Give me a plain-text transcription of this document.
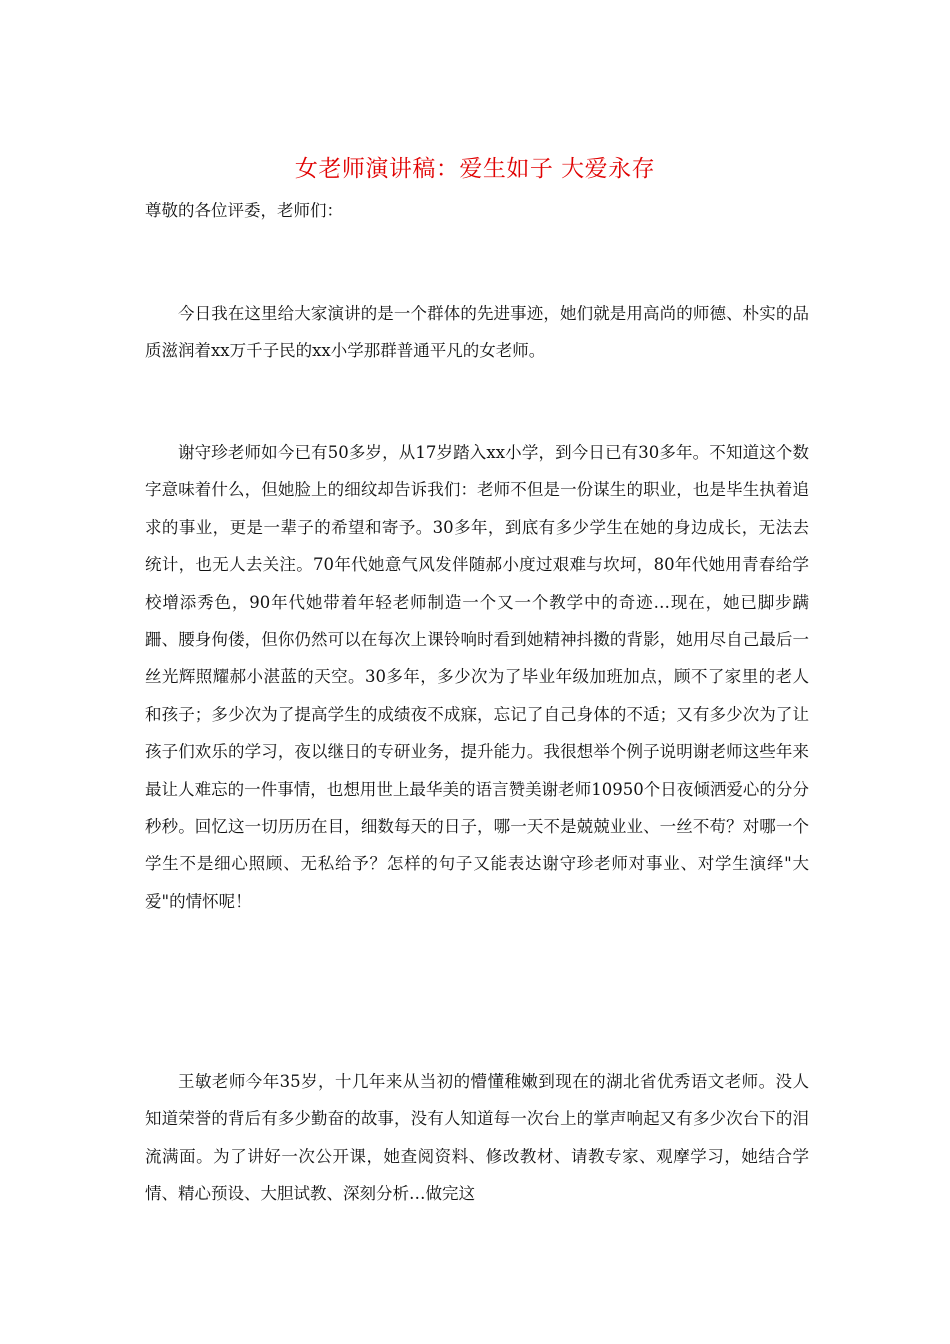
女老师演讲稿：爱生如子 大爱永存

尊敬的各位评委，老师们：

今日我在这里给大家演讲的是一个群体的先进事迹，她们就是用高尚的师德、朴实的品质滋润着xx万千子民的xx小学那群普通平凡的女老师。

谢守珍老师如今已有50多岁，从17岁踏入xx小学，到今日已有30多年。不知道这个数字意味着什么，但她脸上的细纹却告诉我们：老师不但是一份谋生的职业，也是毕生执着追求的事业，更是一辈子的希望和寄予。30多年，到底有多少学生在她的身边成长，无法去统计，也无人去关注。70年代她意气风发伴随郝小度过艰难与坎坷，80年代她用青春给学校增添秀色，90年代她带着年轻老师制造一个又一个教学中的奇迹…现在，她已脚步蹒跚、腰身佝偻，但你仍然可以在每次上课铃响时看到她精神抖擞的背影，她用尽自己最后一丝光辉照耀郝小湛蓝的天空。30多年，多少次为了毕业年级加班加点，顾不了家里的老人和孩子；多少次为了提高学生的成绩夜不成寐，忘记了自己身体的不适；又有多少次为了让孩子们欢乐的学习，夜以继日的专研业务，提升能力。我很想举个例子说明谢老师这些年来最让人难忘的一件事情，也想用世上最华美的语言赞美谢老师10950个日夜倾洒爱心的分分秒秒。回忆这一切历历在目，细数每天的日子，哪一天不是兢兢业业、一丝不苟？对哪一个学生不是细心照顾、无私给予？怎样的句子又能表达谢守珍老师对事业、对学生演绎"大爱"的情怀呢！

王敏老师今年35岁，十几年来从当初的懵懂稚嫩到现在的湖北省优秀语文老师。没人知道荣誉的背后有多少勤奋的故事，没有人知道每一次台上的掌声响起又有多少次台下的泪流满面。为了讲好一次公开课，她查阅资料、修改教材、请教专家、观摩学习，她结合学情、精心预设、大胆试教、深刻分析…做完这
